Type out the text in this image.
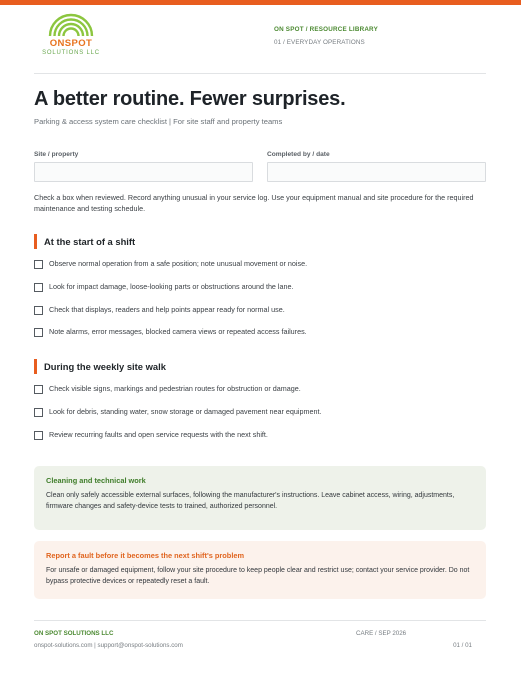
ONSPOT
SOLUTIONS LLC
ON SPOT / RESOURCE LIBRARY
01 / EVERYDAY OPERATIONS
A better routine. Fewer surprises.
Parking & access system care checklist | For site staff and property teams
Site / property	Completed by / date

Check a box when reviewed. Record anything unusual in your service log. Use your equipment manual and site procedure for the required maintenance and testing schedule.

At the start of a shift
Observe normal operation from a safe position; note unusual movement or noise.
Look for impact damage, loose-looking parts or obstructions around the lane.
Check that displays, readers and help points appear ready for normal use.
Note alarms, error messages, blocked camera views or repeated access failures.
During the weekly site walk
Check visible signs, markings and pedestrian routes for obstruction or damage.
Look for debris, standing water, snow storage or damaged pavement near equipment.
Review recurring faults and open service requests with the next shift.
Cleaning and technical work
Clean only safely accessible external surfaces, following the manufacturer's instructions. Leave cabinet access, wiring, adjustments, firmware changes and safety-device tests to trained, authorized personnel.
Report a fault before it becomes the next shift's problem
For unsafe or damaged equipment, follow your site procedure to keep people clear and restrict use; contact your service provider. Do not bypass protective devices or repeatedly reset a fault.
ON SPOT SOLUTIONS LLC
onspot-solutions.com | support@onspot-solutions.com
CARE / SEP 2026
01 / 01
